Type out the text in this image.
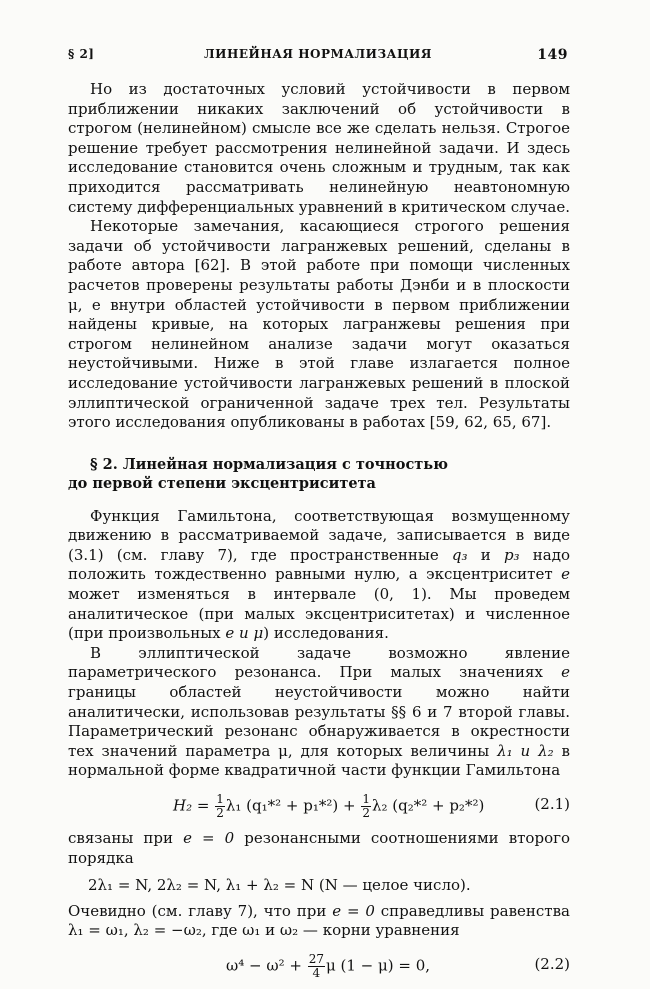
§ 2]	ЛИНЕЙНАЯ НОРМАЛИЗАЦИЯ	149

Но из достаточных условий устойчивости в первом приближении никаких заключений об устойчивости в строгом (нелинейном) смысле все же сделать нельзя. Строгое решение требует рассмотрения нелинейной задачи. И здесь исследование становится очень сложным и трудным, так как приходится рассматривать нелинейную неавтономную систему дифференциальных уравнений в критическом случае.

Некоторые замечания, касающиеся строгого решения задачи об устойчивости лагранжевых решений, сделаны в работе автора [62]. В этой работе при помощи численных расчетов проверены результаты работы Дэнби и в плоскости μ, e внутри областей устойчивости в первом приближении найдены кривые, на которых лагранжевы решения при строгом нелинейном анализе задачи могут оказаться неустойчивыми. Ниже в этой главе излагается полное исследование устойчивости лагранжевых решений в плоской эллиптической ограниченной задаче трех тел. Результаты этого исследования опубликованы в работах [59, 62, 65, 67].

§ 2. Линейная нормализация с точностью
до первой степени эксцентриситета

Функция Гамильтона, соответствующая возмущенному движению в рассматриваемой задаче, записывается в виде (3.1) (см. главу 7), где пространственные q₃ и p₃ надо положить тождественно равными нулю, а эксцентриситет e может изменяться в интервале (0, 1). Мы проведем аналитическое (при малых эксцентриситетах) и численное (при произвольных e и μ) исследования.

В эллиптической задаче возможно явление параметрического резонанса. При малых значениях e границы областей неустойчивости можно найти аналитически, использовав результаты §§ 6 и 7 второй главы. Параметрический резонанс обнаруживается в окрестности тех значений параметра μ, для которых величины λ₁ и λ₂ в нормальной форме квадратичной части функции Гамильтона

$H_2 = \frac{1}{2} \lambda_1$ $(q_1*^2 + p_1*^2) + \frac{1}{2} \lambda_2$ (q₂*² + p₂*²)	(2.1)

связаны при e = 0 резонансными соотношениями второго порядка

2λ₁ = N, 2λ₂ = N, λ₁ + λ₂ = N (N — целое число).

Очевидно (см. главу 7), что при e = 0 справедливы равенства λ₁ = ω₁, λ₂ = −ω₂, где ω₁ и ω₂ — корни уравнения

$\omega^4 - \omega^2 + \frac{27}{4}$ μ (1 − μ) = 0,	(2.2)
